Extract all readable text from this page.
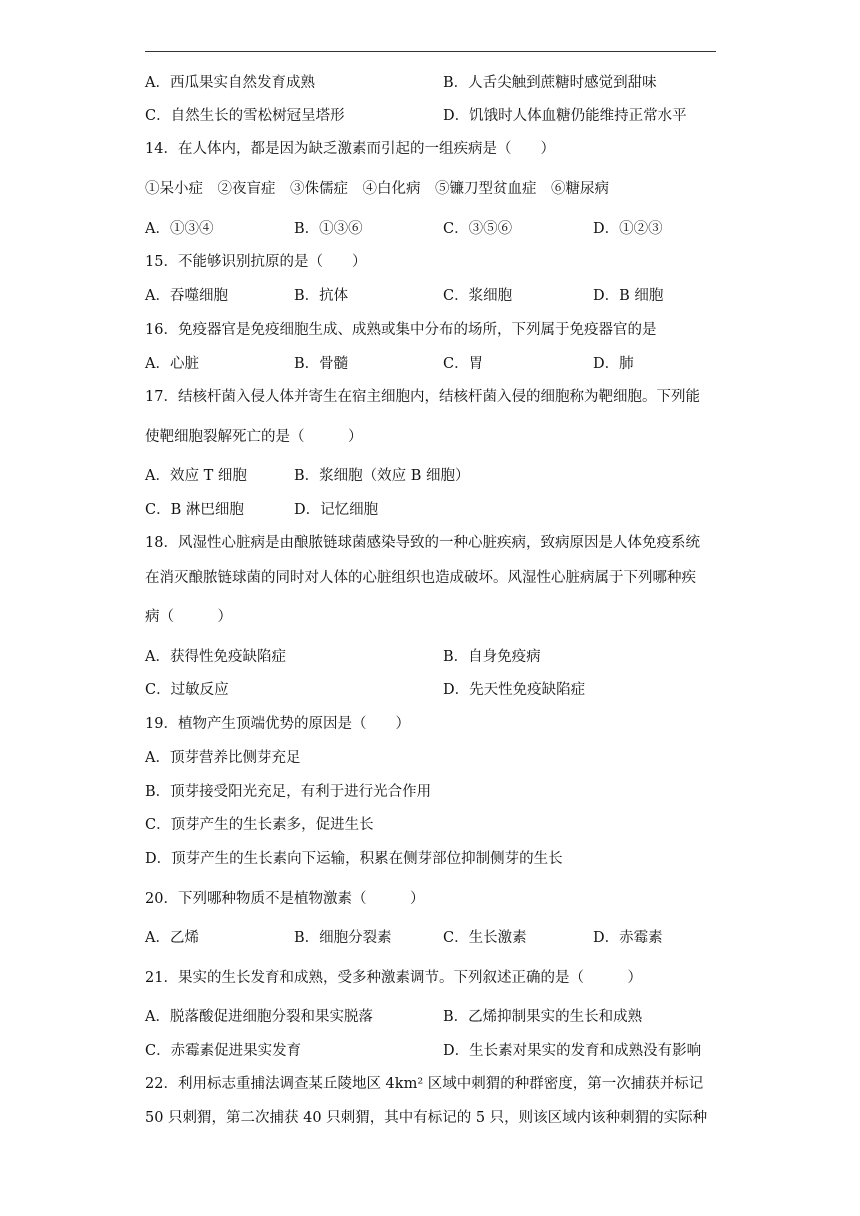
A．西瓜果实自然发育成熟	B．人舌尖触到蔗糖时感觉到甜味
C．自然生长的雪松树冠呈塔形	D．饥饿时人体血糖仍能维持正常水平
14．在人体内，都是因为缺乏激素而引起的一组疾病是（　　）
①呆小症　②夜盲症　③侏儒症　④白化病　⑤镰刀型贫血症　⑥糖尿病
A．①③④	B．①③⑥	C．③⑤⑥	D．①②③
15．不能够识别抗原的是（　　）
A．吞噬细胞	B．抗体	C．浆细胞	D．B 细胞
16．免疫器官是免疫细胞生成、成熟或集中分布的场所，下列属于免疫器官的是
A．心脏	B．骨髓	C．胃	D．肺
17．结核杆菌入侵人体并寄生在宿主细胞内，结核杆菌入侵的细胞称为靶细胞。下列能
使靶细胞裂解死亡的是（　　　）
A．效应 T 细胞	B．浆细胞（效应 B 细胞）
C．B 淋巴细胞	D．记忆细胞
18．风湿性心脏病是由酿脓链球菌感染导致的一种心脏疾病，致病原因是人体免疫系统
在消灭酿脓链球菌的同时对人体的心脏组织也造成破坏。风湿性心脏病属于下列哪种疾
病（　　　）
A．获得性免疫缺陷症	B．自身免疫病
C．过敏反应	D．先天性免疫缺陷症
19．植物产生顶端优势的原因是（　　）
A．顶芽营养比侧芽充足
B．顶芽接受阳光充足，有利于进行光合作用
C．顶芽产生的生长素多，促进生长
D．顶芽产生的生长素向下运输，积累在侧芽部位抑制侧芽的生长
20．下列哪种物质不是植物激素（　　　）
A．乙烯	B．细胞分裂素	C．生长激素	D．赤霉素
21．果实的生长发育和成熟，受多种激素调节。下列叙述正确的是（　　　）
A．脱落酸促进细胞分裂和果实脱落	B．乙烯抑制果实的生长和成熟
C．赤霉素促进果实发育	D．生长素对果实的发育和成熟没有影响
22．利用标志重捕法调查某丘陵地区 4km² 区域中刺猬的种群密度，第一次捕获并标记
50 只刺猬，第二次捕获 40 只刺猬，其中有标记的 5 只，则该区域内该种刺猬的实际种
